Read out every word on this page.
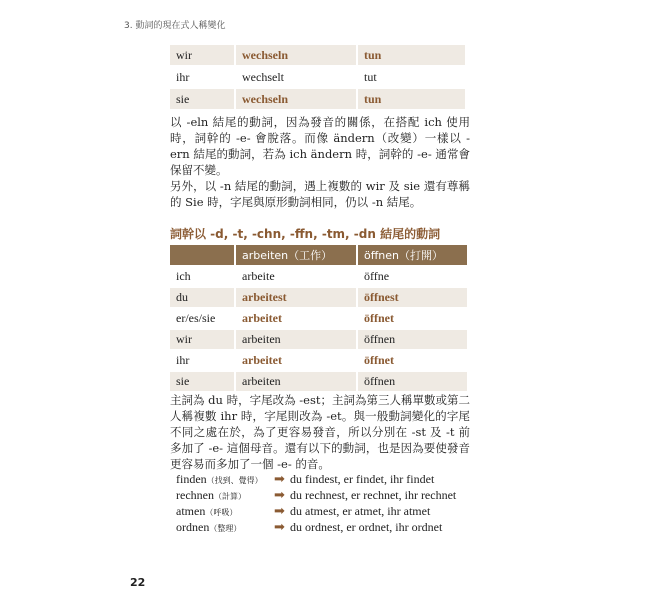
3. 動詞的現在式人稱變化
wir	wechseln	tun
ihr	wechselt	tut
sie	wechseln	tun
以 -eln 結尾的動詞，因為發音的關係，在搭配 ich 使用時，詞幹的 -e- 會脫落。而像 ändern（改變）一樣以 -ern 結尾的動詞，若為 ich ändern 時，詞幹的 -e- 通常會保留不變。
另外，以 -n 結尾的動詞，遇上複數的 wir 及 sie 還有尊稱的 Sie 時，字尾與原形動詞相同，仍以 -n 結尾。
詞幹以 -d, -t, -chn, -ffn, -tm, -dn 結尾的動詞
	arbeiten（工作）	öffnen（打開）
ich	arbeite	öffne
du	arbeitest	öffnest
er/es/sie	arbeitet	öffnet
wir	arbeiten	öffnen
ihr	arbeitet	öffnet
sie	arbeiten	öffnen
主詞為 du 時，字尾改為 -est；主詞為第三人稱單數或第二人稱複數 ihr 時，字尾則改為 -et。與一般動詞變化的字尾不同之處在於，為了更容易發音，所以分別在 -st 及 -t 前多加了 -e- 這個母音。還有以下的動詞，也是因為要使發音更容易而多加了一個 -e- 的音。
finden（找到、覺得） ➡ du findest, er findet, ihr findet
rechnen（計算） ➡ du rechnest, er rechnet, ihr rechnet
atmen（呼吸）	➡ du atmest, er atmet, ihr atmet
ordnen（整理）	➡ du ordnest, er ordnet, ihr ordnet
22
